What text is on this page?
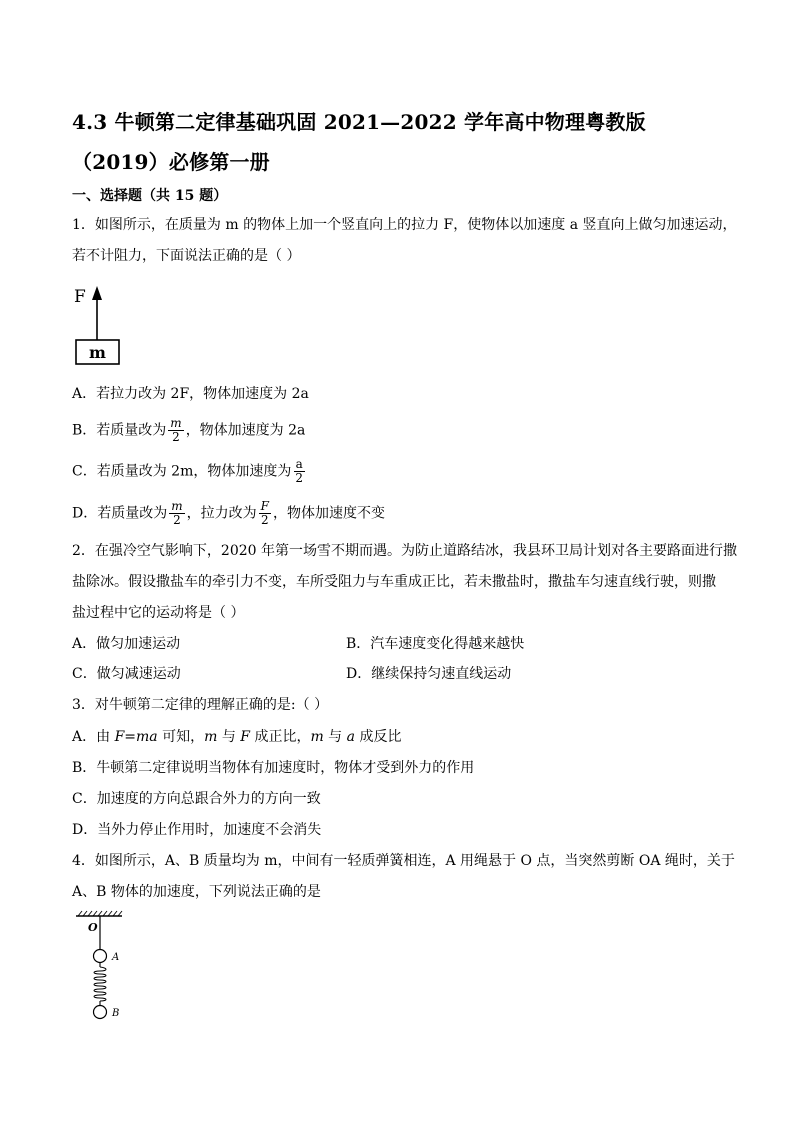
4.3 牛顿第二定律基础巩固 2021—2022 学年高中物理粤教版（2019）必修第一册
一、选择题（共 15 题）
1．如图所示，在质量为 m 的物体上加一个竖直向上的拉力 F，使物体以加速度 a 竖直向上做匀加速运动，
若不计阻力，下面说法正确的是（ ）
F
m
A．若拉力改为 2F，物体加速度为 2a
B．若质量改为 $\frac{m}{2}$ ，物体加速度为 2a
C．若质量改为 2m，物体加速度为 $\frac{a}{2}$
D．若质量改为 $\frac{m}{2}$ ，拉力改为 $\frac{F}{2}$ ，物体加速度不变
2．在强冷空气影响下，2020 年第一场雪不期而遇。为防止道路结冰，我县环卫局计划对各主要路面进行撒
盐除冰。假设撒盐车的牵引力不变，车所受阻力与车重成正比，若未撒盐时，撒盐车匀速直线行驶，则撒
盐过程中它的运动将是（ ）
A．做匀加速运动	B．汽车速度变化得越来越快
C．做匀减速运动	D．继续保持匀速直线运动
3．对牛顿第二定律的理解正确的是:（ ）
A．由 F=ma 可知，m 与 F 成正比，m 与 a 成反比
B．牛顿第二定律说明当物体有加速度时，物体才受到外力的作用
C．加速度的方向总跟合外力的方向一致
D．当外力停止作用时，加速度不会消失
4．如图所示，A、B 质量均为 m，中间有一轻质弹簧相连，A 用绳悬于 O 点，当突然剪断 OA 绳时，关于
A、B 物体的加速度，下列说法正确的是
O
A
B
